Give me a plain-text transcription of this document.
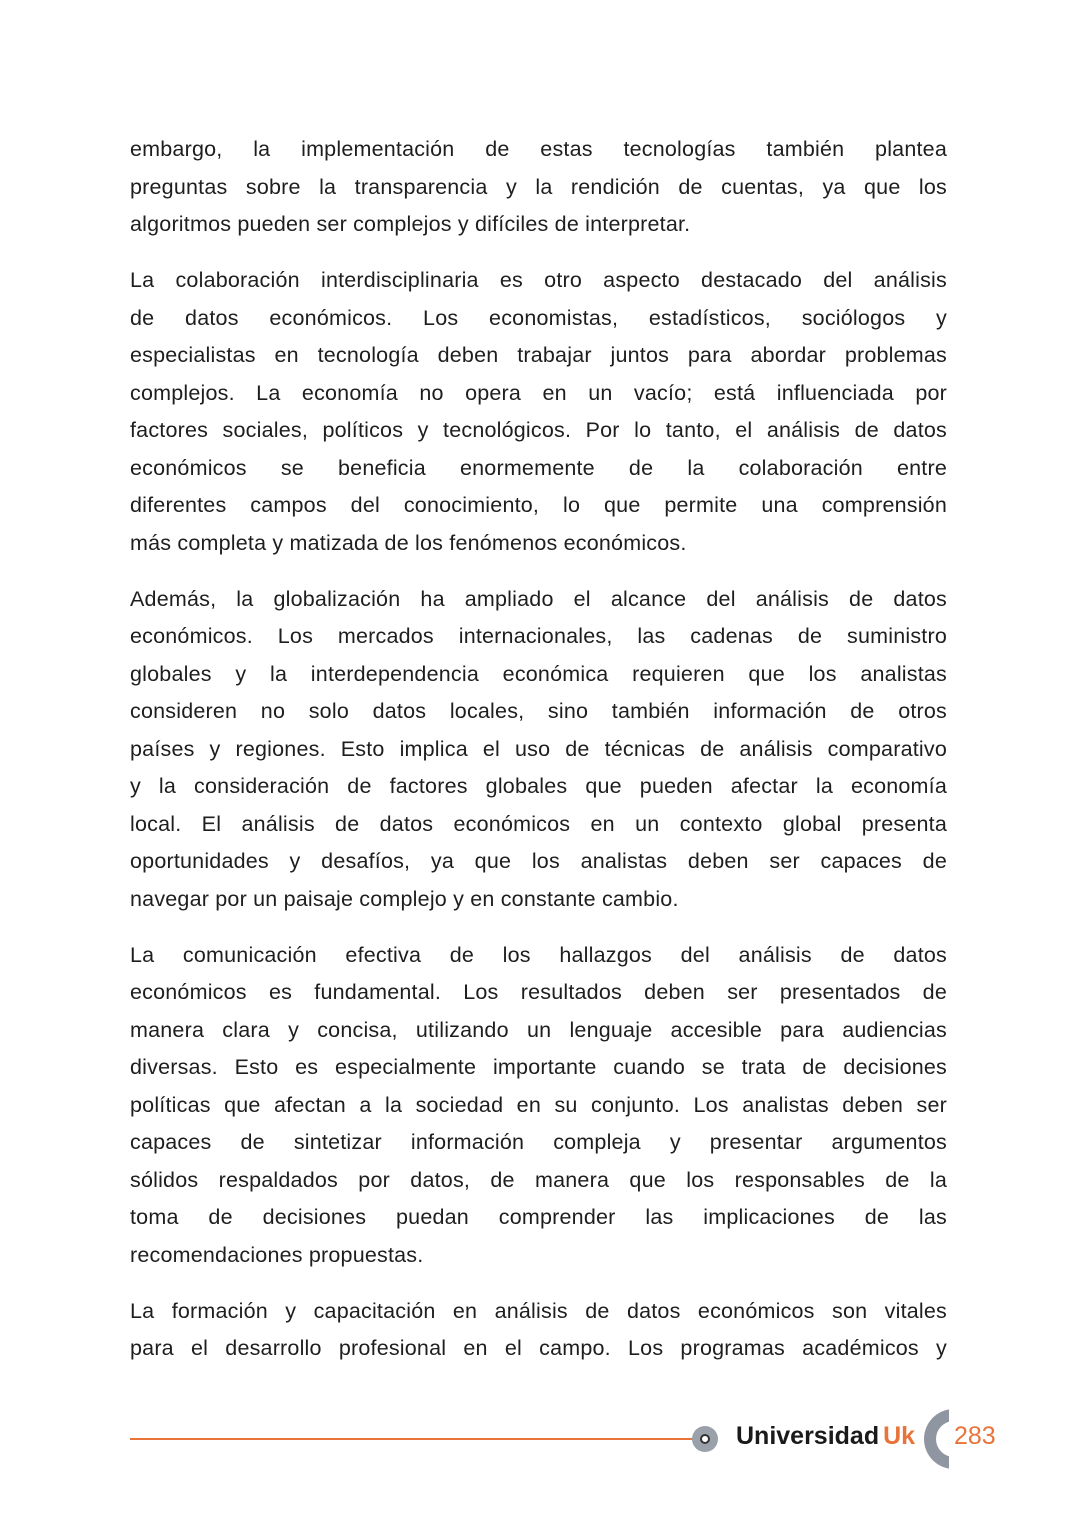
embargo, la implementación de estas tecnologías también plantea
preguntas sobre la transparencia y la rendición de cuentas, ya que los
algoritmos pueden ser complejos y difíciles de interpretar.
La colaboración interdisciplinaria es otro aspecto destacado del análisis
de datos económicos. Los economistas, estadísticos, sociólogos y
especialistas en tecnología deben trabajar juntos para abordar problemas
complejos. La economía no opera en un vacío; está influenciada por
factores sociales, políticos y tecnológicos. Por lo tanto, el análisis de datos
económicos se beneficia enormemente de la colaboración entre
diferentes campos del conocimiento, lo que permite una comprensión
más completa y matizada de los fenómenos económicos.
Además, la globalización ha ampliado el alcance del análisis de datos
económicos. Los mercados internacionales, las cadenas de suministro
globales y la interdependencia económica requieren que los analistas
consideren no solo datos locales, sino también información de otros
países y regiones. Esto implica el uso de técnicas de análisis comparativo
y la consideración de factores globales que pueden afectar la economía
local. El análisis de datos económicos en un contexto global presenta
oportunidades y desafíos, ya que los analistas deben ser capaces de
navegar por un paisaje complejo y en constante cambio.
La comunicación efectiva de los hallazgos del análisis de datos
económicos es fundamental. Los resultados deben ser presentados de
manera clara y concisa, utilizando un lenguaje accesible para audiencias
diversas. Esto es especialmente importante cuando se trata de decisiones
políticas que afectan a la sociedad en su conjunto. Los analistas deben ser
capaces de sintetizar información compleja y presentar argumentos
sólidos respaldados por datos, de manera que los responsables de la
toma de decisiones puedan comprender las implicaciones de las
recomendaciones propuestas.
La formación y capacitación en análisis de datos económicos son vitales
para el desarrollo profesional en el campo. Los programas académicos y
Universidad Uk 283
